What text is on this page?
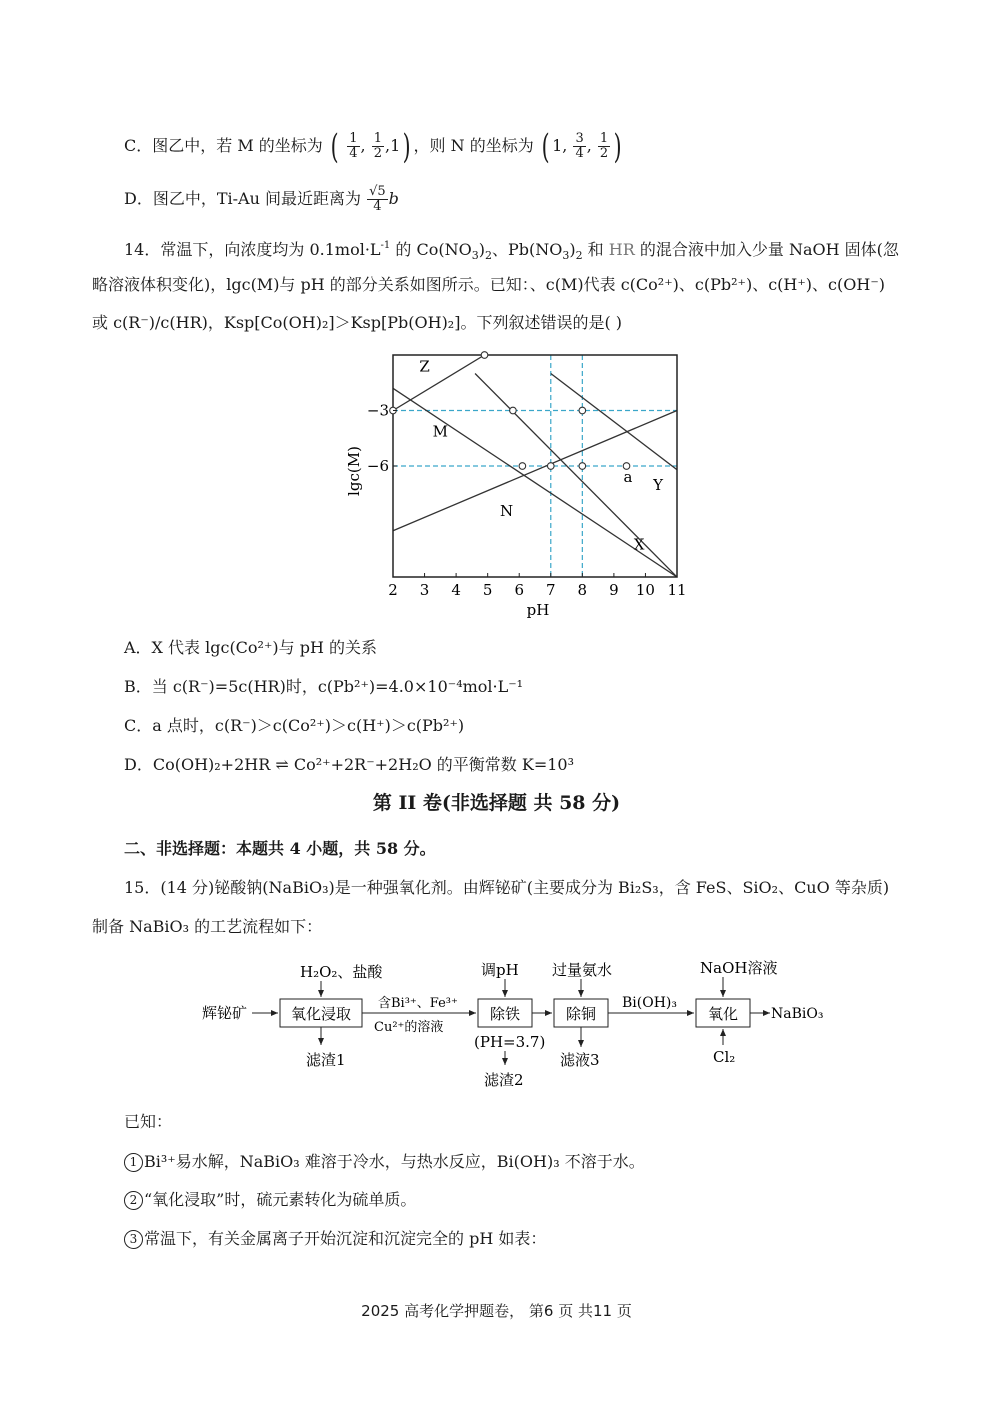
C．图乙中，若 M 的坐标为 ( $\frac{1}{4}$ , $\frac{1}{2} ,1$) ，则 N 的坐标为 ( 1, $\frac{3}{4}$ , $\frac{1}{2}$ )
D．图乙中，Ti-Au 间最近距离为 $\frac{√5}{4}$ b
14．常温下，向浓度均为 $0.1mol\cdot L^{-1}$ 的 $Co(NO_3)_2$、$Pb(NO_3)_2$ 和 HR 的混合液中加入少量 NaOH 固体(忽
略溶液体积变化)，lgc(M)与 pH 的部分关系如图所示。已知：、c(M)代表 c(Co²⁺)、c(Pb²⁺)、c(H⁺)、c(OH⁻)
或 c(R⁻)/c(HR)，Ksp[Co(OH)₂]＞Ksp[Pb(OH)₂]。下列叙述错误的是( )
Z
M
N
X
Y
a
2 3 4 5 6 7 8 9 10 11
−3
−6
pH
lgc(M)
A．X 代表 lgc(Co²⁺)与 pH 的关系
B．当 c(R⁻)=5c(HR)时，c(Pb²⁺)=4.0×10⁻⁴mol·L⁻¹
C．a 点时，c(R⁻)＞c(Co²⁺)＞c(H⁺)＞c(Pb²⁺)
D．Co(OH)₂+2HR ⇌ Co²⁺+2R⁻+2H₂O 的平衡常数 K=10³
第 II 卷(非选择题 共 58 分)
二、非选择题：本题共 4 小题，共 58 分。
15．(14 分)铋酸钠(NaBiO₃)是一种强氧化剂。由辉铋矿(主要成分为 Bi₂S₃，含 FeS、SiO₂、CuO 等杂质)
制备 NaBiO₃ 的工艺流程如下：
辉铋矿	氧化浸取
H₂O₂、盐酸
滤渣1
含Bi³⁺、Fe³⁺
Cu²⁺的溶液
除铁
调pH
(PH=3.7)
滤渣2
除铜
过量氨水
滤液3
Bi(OH)₃
氧化
NaOH溶液
Cl₂
NaBiO₃
已知：
1 Bi³⁺易水解，NaBiO₃ 难溶于冷水，与热水反应，Bi(OH)₃ 不溶于水。
2 “氧化浸取”时，硫元素转化为硫单质。
3 常温下，有关金属离子开始沉淀和沉淀完全的 pH 如表：
2025 高考化学押题卷， 第6 页 共11 页
